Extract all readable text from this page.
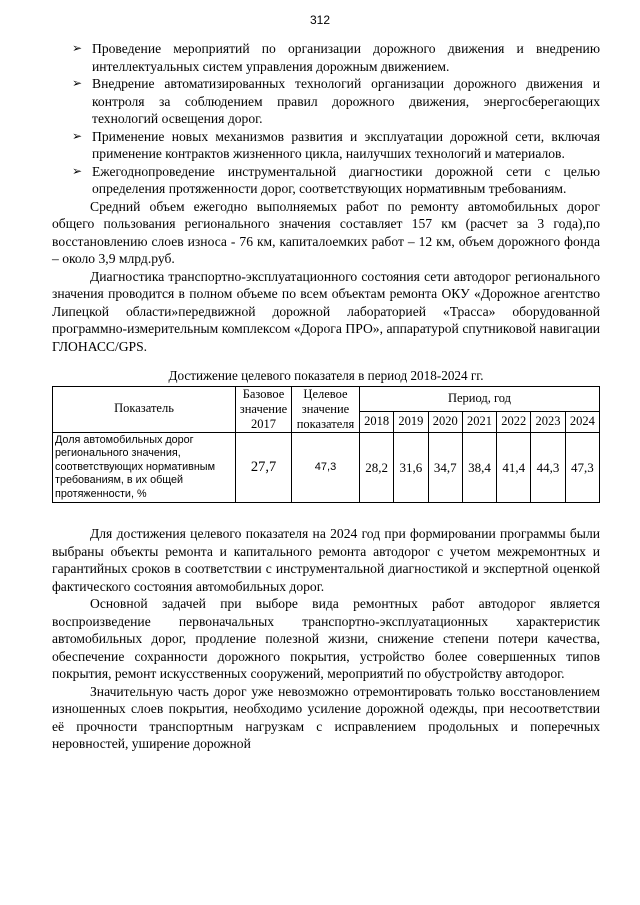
312
➢ Проведение мероприятий по организации дорожного движения и внедрению интеллектуальных систем управления дорожным движением.
➢ Внедрение автоматизированных технологий организации дорожного движения и контроля за соблюдением правил дорожного движения, энергосберегающих технологий освещения дорог.
➢ Применение новых механизмов развития и эксплуатации дорожной сети, включая применение контрактов жизненного цикла, наилучших технологий и материалов.
➢ Ежегоднопроведение инструментальной диагностики дорожной сети с целью определения протяженности дорог, соответствующих нормативным требованиям.

Средний объем ежегодно выполняемых работ по ремонту автомобильных дорог общего пользования регионального значения составляет 157 км (расчет за 3 года),по восстановлению слоев износа - 76 км, капиталоемких работ – 12 км, объем дорожного фонда – около 3,9 млрд.руб.

Диагностика транспортно-эксплуатационного состояния сети автодорог регионального значения проводится в полном объеме по всем объектам ремонта ОКУ «Дорожное агентство Липецкой области»передвижной дорожной лабораторией «Трасса» оборудованной программно-измерительным комплексом «Дорога ПРО», аппаратурой спутниковой навигации ГЛОНАСС/GPS.

Достижение целевого показателя в период 2018-2024 гг.
Показатель	Базовое значение 2017	Целевое значение показателя	Период, год						
			2018	2019	2020	2021	2022	2023	2024
Доля автомобильных дорог регионального значения, соответствующих нормативным требованиям, в их общей протяженности, %	27,7	47,3	28,2	31,6	34,7	38,4	41,4	44,3	47,3

Для достижения целевого показателя на 2024 год при формировании программы были выбраны объекты ремонта и капитального ремонта автодорог с учетом межремонтных и гарантийных сроков в соответствии с инструментальной диагностикой и экспертной оценкой фактического состояния автомобильных дорог.

Основной задачей при выборе вида ремонтных работ автодорог является воспроизведение первоначальных транспортно-эксплуатационных характеристик автомобильных дорог, продление полезной жизни, снижение степени потери качества, обеспечение сохранности дорожного покрытия, устройство более совершенных типов покрытия, ремонт искусственных сооружений, мероприятий по обустройству автодорог.

Значительную часть дорог уже невозможно отремонтировать только восстановлением изношенных слоев покрытия, необходимо усиление дорожной одежды, при несоответствии её прочности транспортным нагрузкам с исправлением продольных и поперечных неровностей, уширение дорожной
